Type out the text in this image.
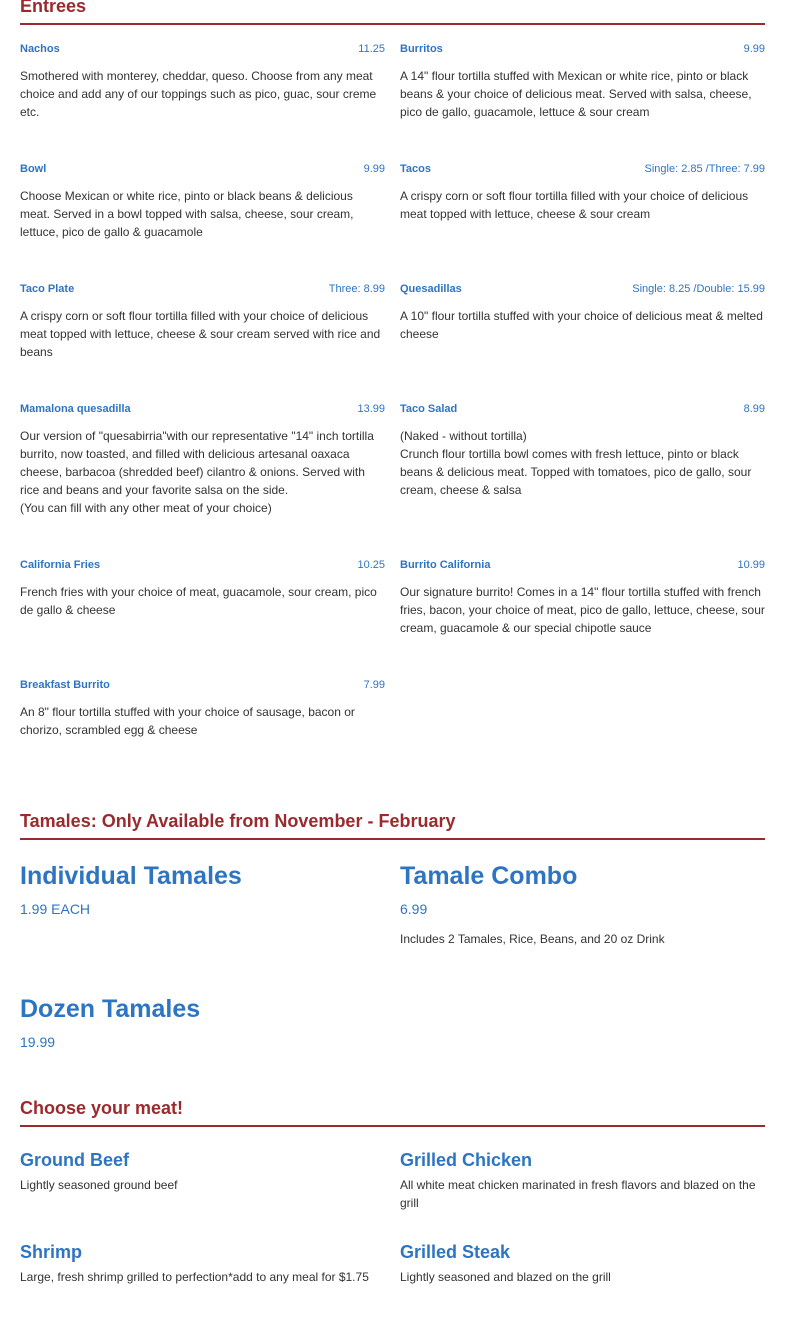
Entrees
Nachos	11.25
Smothered with monterey, cheddar, queso. Choose from any meat choice and add any of our toppings such as pico, guac, sour creme etc.
Burritos	9.99
A 14" flour tortilla stuffed with Mexican or white rice, pinto or black beans & your choice of delicious meat. Served with salsa, cheese, pico de gallo, guacamole, lettuce & sour cream
Bowl	9.99
Choose Mexican or white rice, pinto or black beans & delicious meat. Served in a bowl topped with salsa, cheese, sour cream, lettuce, pico de gallo & guacamole
Tacos	Single: 2.85 /Three: 7.99
A crispy corn or soft flour tortilla filled with your choice of delicious meat topped with lettuce, cheese & sour cream
Taco Plate	Three: 8.99
A crispy corn or soft flour tortilla filled with your choice of delicious meat topped with lettuce, cheese & sour cream served with rice and beans
Quesadillas	Single: 8.25 /Double: 15.99
A 10" flour tortilla stuffed with your choice of delicious meat & melted cheese
Mamalona quesadilla	13.99
Our version of "quesabirria"with our representative "14" inch tortilla burrito, now toasted, and filled with delicious artesanal oaxaca cheese, barbacoa (shredded beef) cilantro & onions. Served with rice and beans and your favorite salsa on the side.
(You can fill with any other meat of your choice)
Taco Salad	8.99
(Naked - without tortilla)
Crunch flour tortilla bowl comes with fresh lettuce, pinto or black beans & delicious meat. Topped with tomatoes, pico de gallo, sour cream, cheese & salsa
California Fries	10.25
French fries with your choice of meat, guacamole, sour cream, pico de gallo & cheese
Burrito California	10.99
Our signature burrito! Comes in a 14" flour tortilla stuffed with french fries, bacon, your choice of meat, pico de gallo, lettuce, cheese, sour cream, guacamole & our special chipotle sauce
Breakfast Burrito	7.99
An 8" flour tortilla stuffed with your choice of sausage, bacon or chorizo, scrambled egg & cheese
Tamales: Only Available from November - February
Individual Tamales
1.99 EACH
Tamale Combo
6.99
Includes 2 Tamales, Rice, Beans, and 20 oz Drink
Dozen Tamales
19.99
Choose your meat!
Ground Beef
Lightly seasoned ground beef
Grilled Chicken
All white meat chicken marinated in fresh flavors and blazed on the grill
Shrimp
Large, fresh shrimp grilled to perfection*add to any meal for $1.75
Grilled Steak
Lightly seasoned and blazed on the grill
